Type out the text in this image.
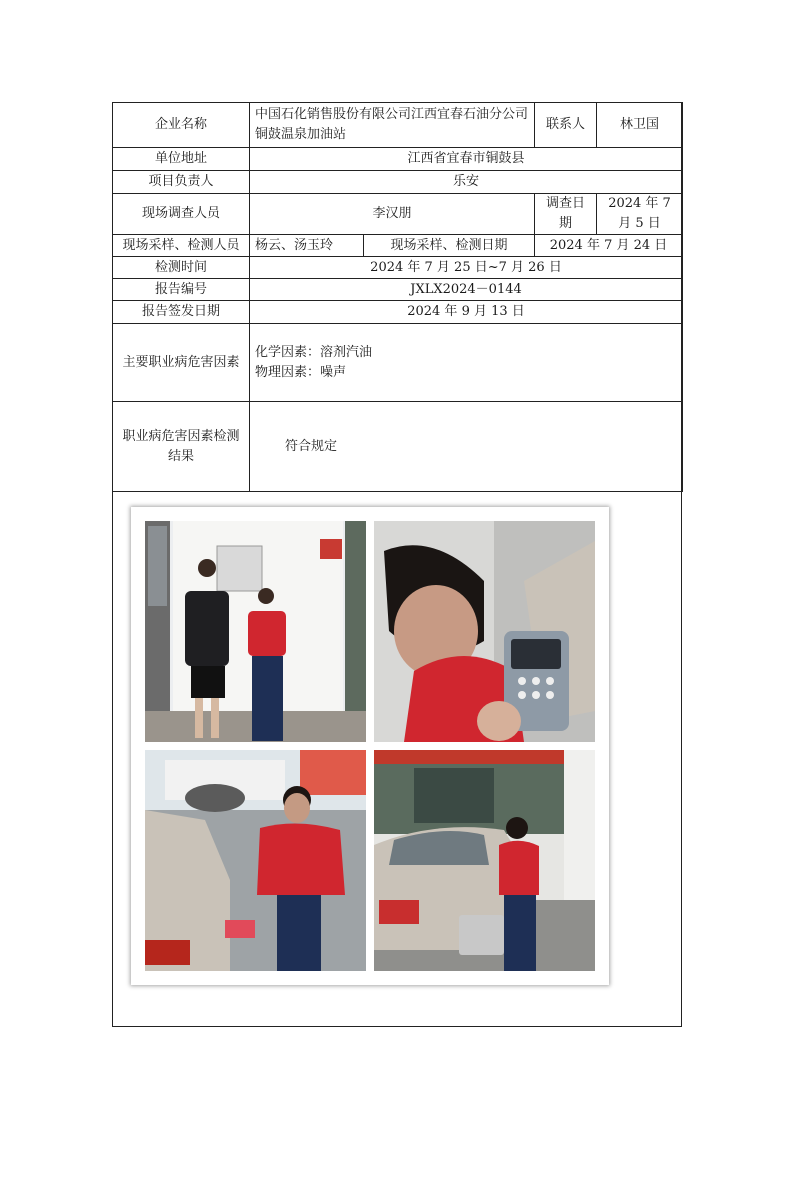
企业名称	中国石化销售股份有限公司江西宜春石油分公司铜鼓温泉加油站		联系人	林卫国
单位地址	江西省宜春市铜鼓县			
项目负责人	乐安			
现场调查人员	李汉朋		调查日期	2024 年 7 月 5 日
现场采样、检测人员	杨云、汤玉玲	现场采样、检测日期	2024 年 7 月 24 日	
检测时间	2024 年 7 月 25 日~7 月 26 日			
报告编号	JXLX2024－0144			
报告签发日期	2024 年 9 月 13 日			
主要职业病危害因素	化学因素：溶剂汽油
物理因素：噪声			

职业病危害因素检测结果	符合规定			
